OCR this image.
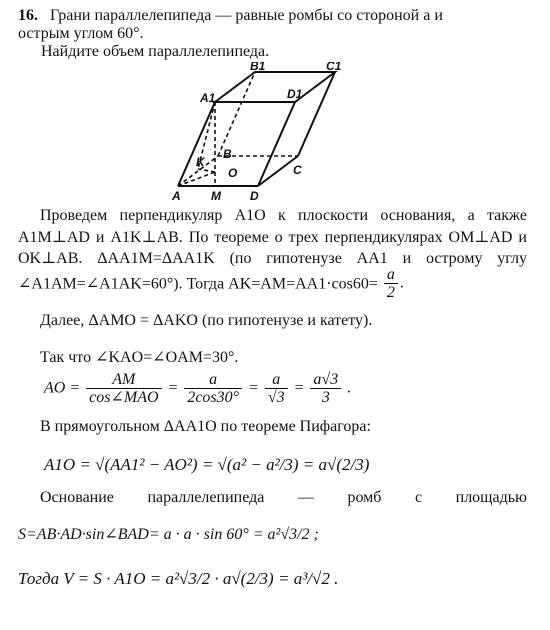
16. Грани параллелепипеда — равные ромбы со стороной a и
острым углом 60°.
Найдите объем параллелепипеда.
B1	C1
A1	D1
K
B
O	C
A	M D
Проведем перпендикуляр A1O к плоскости основания, а также
A1M⊥AD и A1K⊥AB. По теореме о трех перпендикулярах OM⊥AD и
OK⊥AB. ΔAA1M=ΔAA1K (по гипотенузе AA1 и острому углу
∠A1AM=∠A1AK=60°). Тогда $AK=AM=AA1\cdot\cos 60= \frac{a}{2}$ .
Далее, ΔAMO = ΔAKO (по гипотенузе и катету).
Так что ∠KAO=∠OAM=30°.
AO = $\frac{AM}{\text{cos∠MAO}} = \frac{a}{2\cos 30^\circ} = \frac{a}{√3} = \frac{a√3}{3}$ .
В прямоугольном ΔAA1O по теореме Пифагора:
A1O = √(AA1² − AO²) = √(a² − a²/3) = a√(2/3)
Основание параллелепипеда — ромб с площадью
S=AB·AD·sin∠BAD= a · a · sin 60° = a²√3/2 ;
Тогда V = S · A1O = a²√3/2 · a√(2/3) = a³/√2 .
